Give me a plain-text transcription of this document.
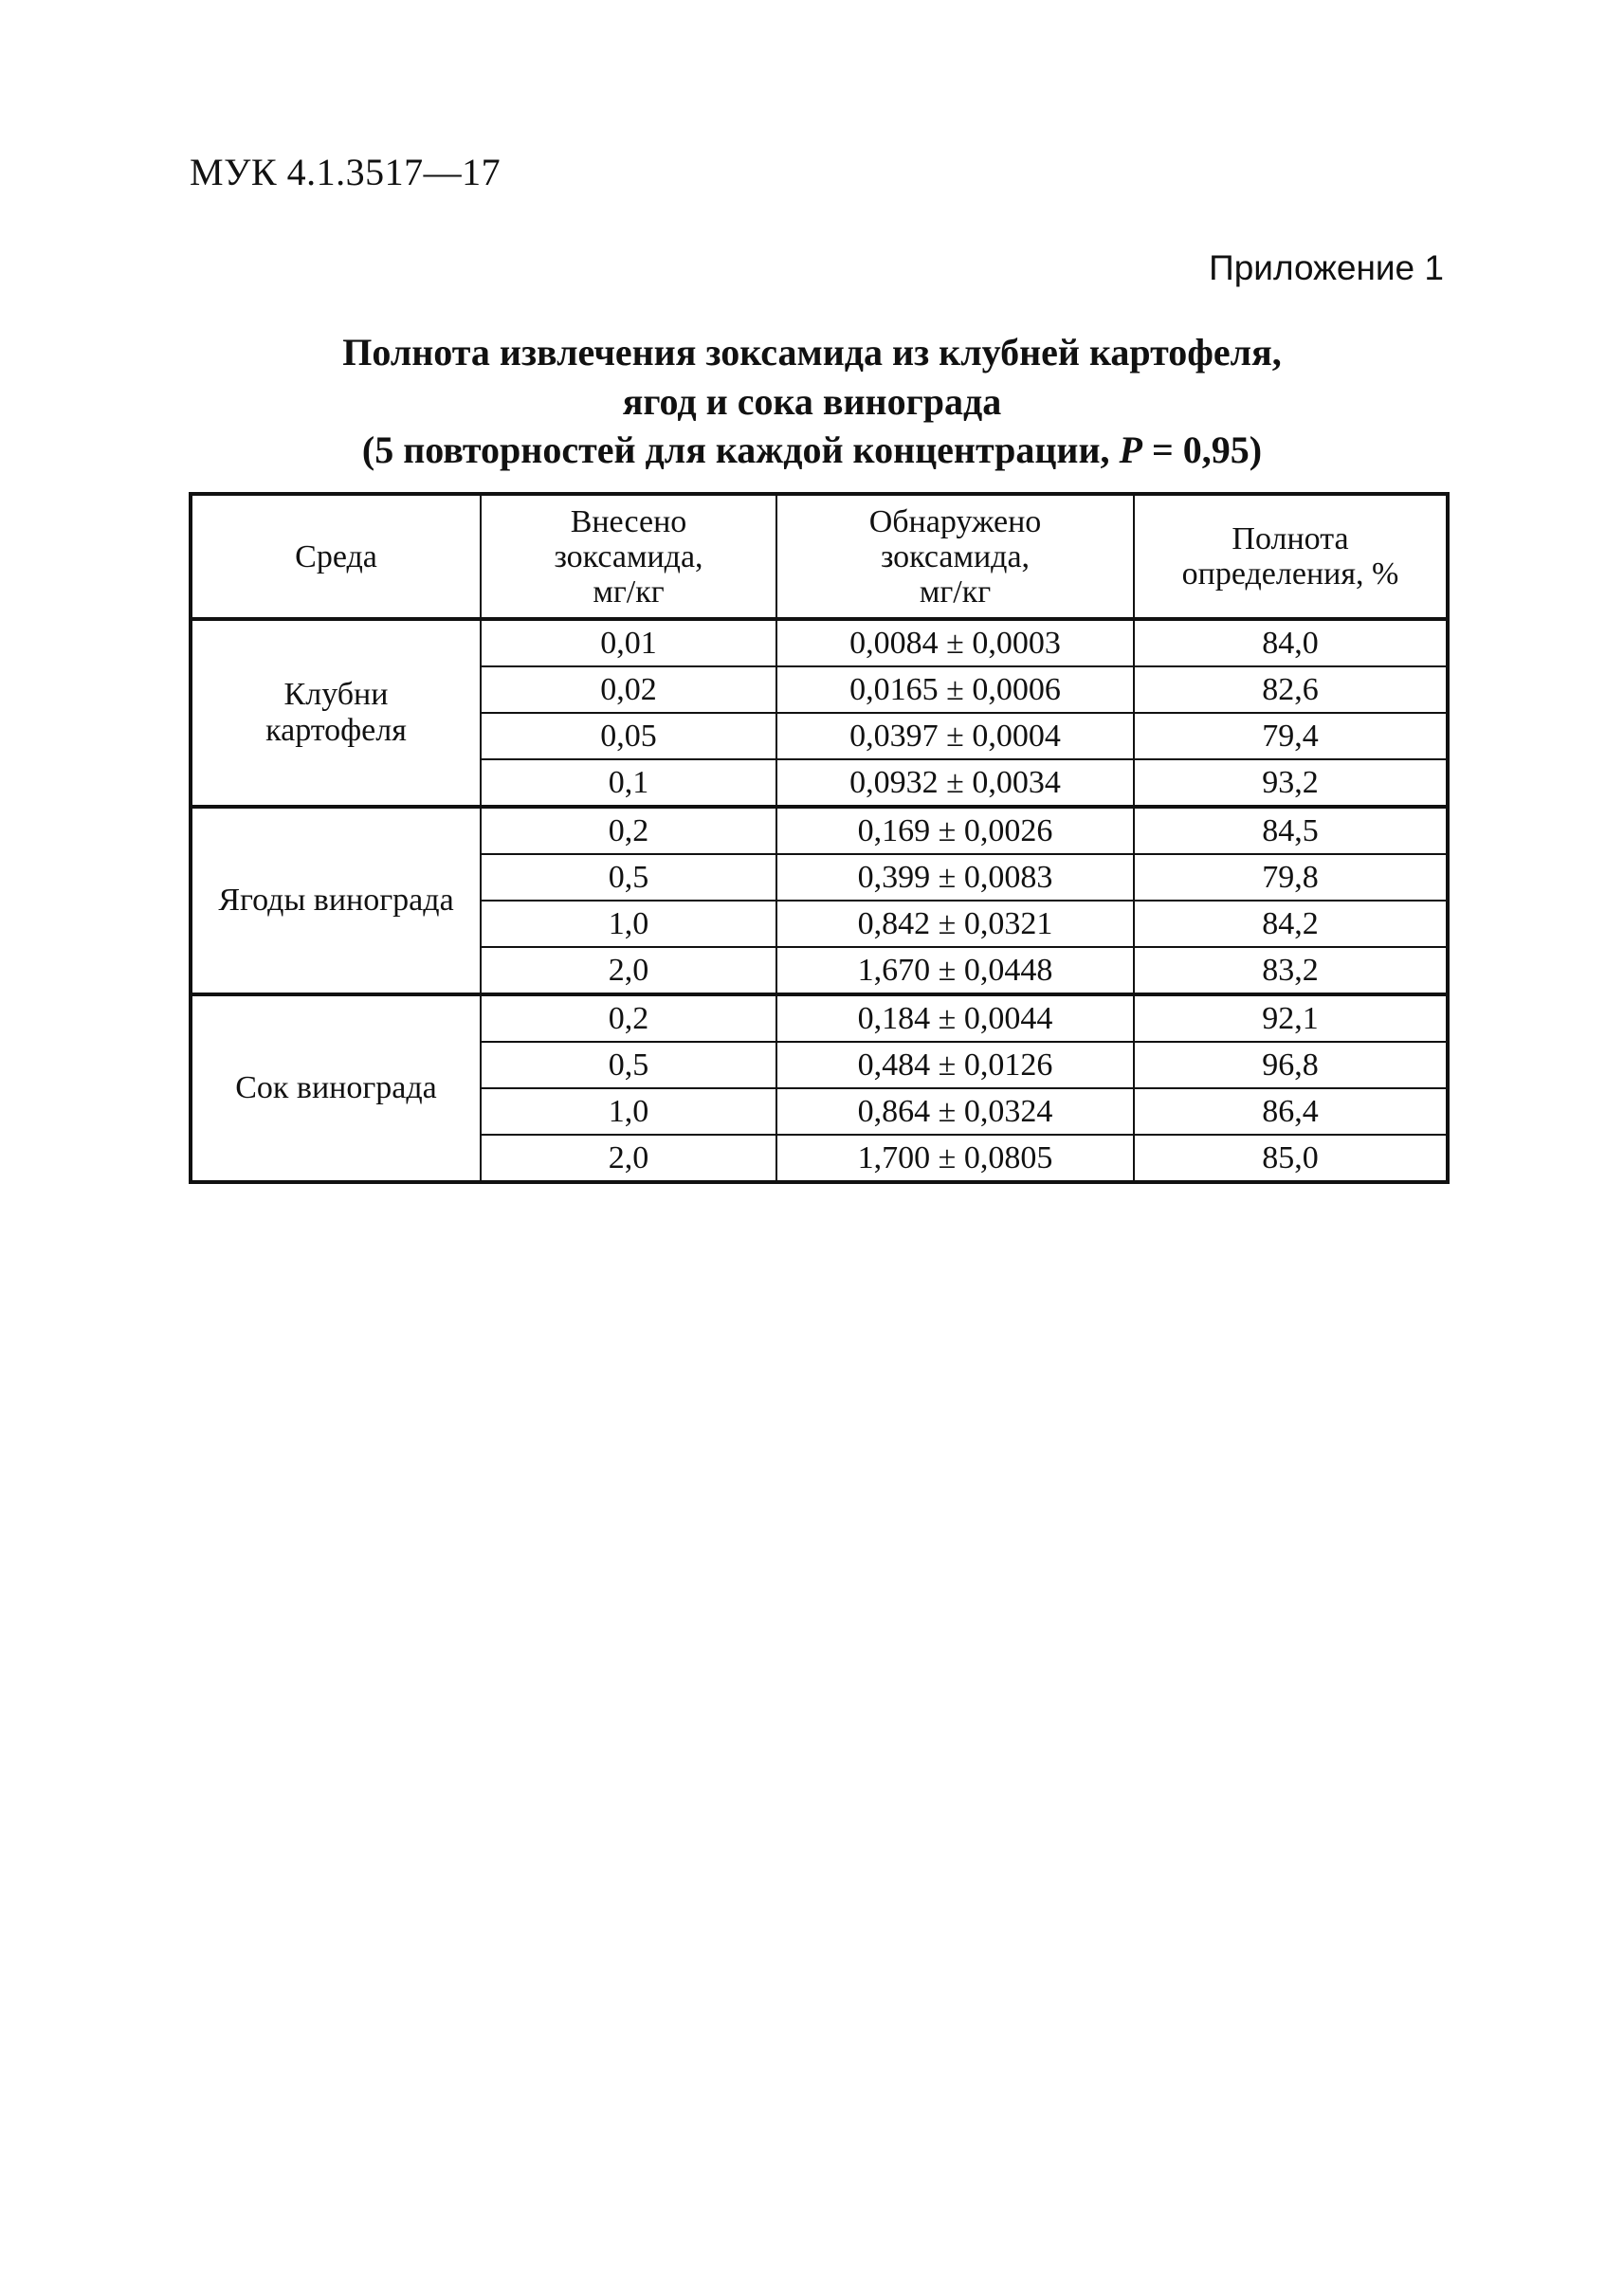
МУК 4.1.3517—17
Приложение 1
Полнота извлечения зоксамида из клубней картофеля,
ягод и сока винограда
(5 повторностей для каждой концентрации, P = 0,95)
Среда	Внесено
зоксамида,
мг/кг	Обнаружено
зоксамида,
мг/кг	Полнота
определения, %
Клубни
картофеля	0,01	0,0084 ± 0,0003	84,0
	0,02	0,0165 ± 0,0006	82,6
	0,05	0,0397 ± 0,0004	79,4
	0,1	0,0932 ± 0,0034	93,2
Ягоды винограда	0,2	0,169 ± 0,0026	84,5
	0,5	0,399 ± 0,0083	79,8
	1,0	0,842 ± 0,0321	84,2
	2,0	1,670 ± 0,0448	83,2
Сок винограда	0,2	0,184 ± 0,0044	92,1
	0,5	0,484 ± 0,0126	96,8
	1,0	0,864 ± 0,0324	86,4
	2,0	1,700 ± 0,0805	85,0
